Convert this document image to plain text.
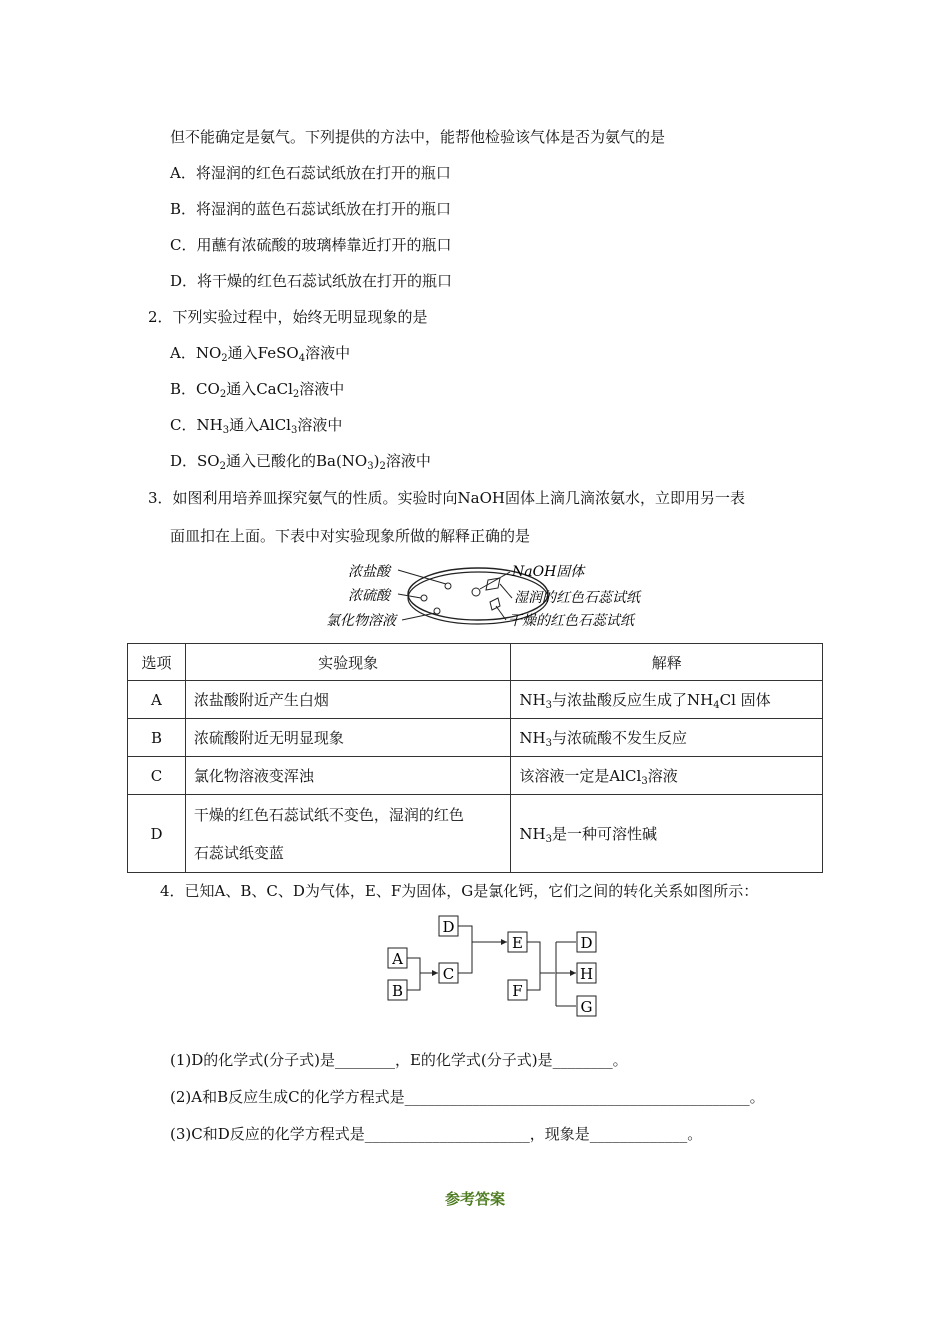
但不能确定是氨气。下列提供的方法中，能帮他检验该气体是否为氨气的是
A．将湿润的红色石蕊试纸放在打开的瓶口
B．将湿润的蓝色石蕊试纸放在打开的瓶口
C．用蘸有浓硫酸的玻璃棒靠近打开的瓶口
D．将干燥的红色石蕊试纸放在打开的瓶口
2．下列实验过程中，始终无明显现象的是
A．$NO_2$通入FeSO$_4$溶液中
B．$CO_2$通入CaCl$_2$溶液中
C．$NH_3$通入AlCl$_3$溶液中
D．$SO_2$通入已酸化的$Ba(NO_3)_2$溶液中
3．如图利用培养皿探究氨气的性质。实验时向NaOH固体上滴几滴浓氨水，立即用另一表
面皿扣在上面。下表中对实验现象所做的解释正确的是
浓盐酸
浓硫酸
氯化物溶液
NaOH固体
湿润的红色石蕊试纸
干燥的红色石蕊试纸
选项	实验现象	解释
A	浓盐酸附近产生白烟	$NH_3$与浓盐酸反应生成了$NH_4Cl$ 固体
B	浓硫酸附近无明显现象	$NH_3$与浓硫酸不发生反应
C	氯化物溶液变浑浊	该溶液一定是AlCl$_3$溶液
D	干燥的红色石蕊试纸不变色，湿润的红色
石蕊试纸变蓝	$NH_3$是一种可溶性碱
4．已知A、B、C、D为气体，E、F为固体，G是氯化钙，它们之间的转化关系如图所示：
D
A
B
C
E
F
D
H
G
(1)D的化学式(分子式)是________，E的化学式(分子式)是________。
(2)A和B反应生成C的化学方程式是______________________________________________。
(3)C和D反应的化学方程式是______________________，现象是_____________。
参考答案
